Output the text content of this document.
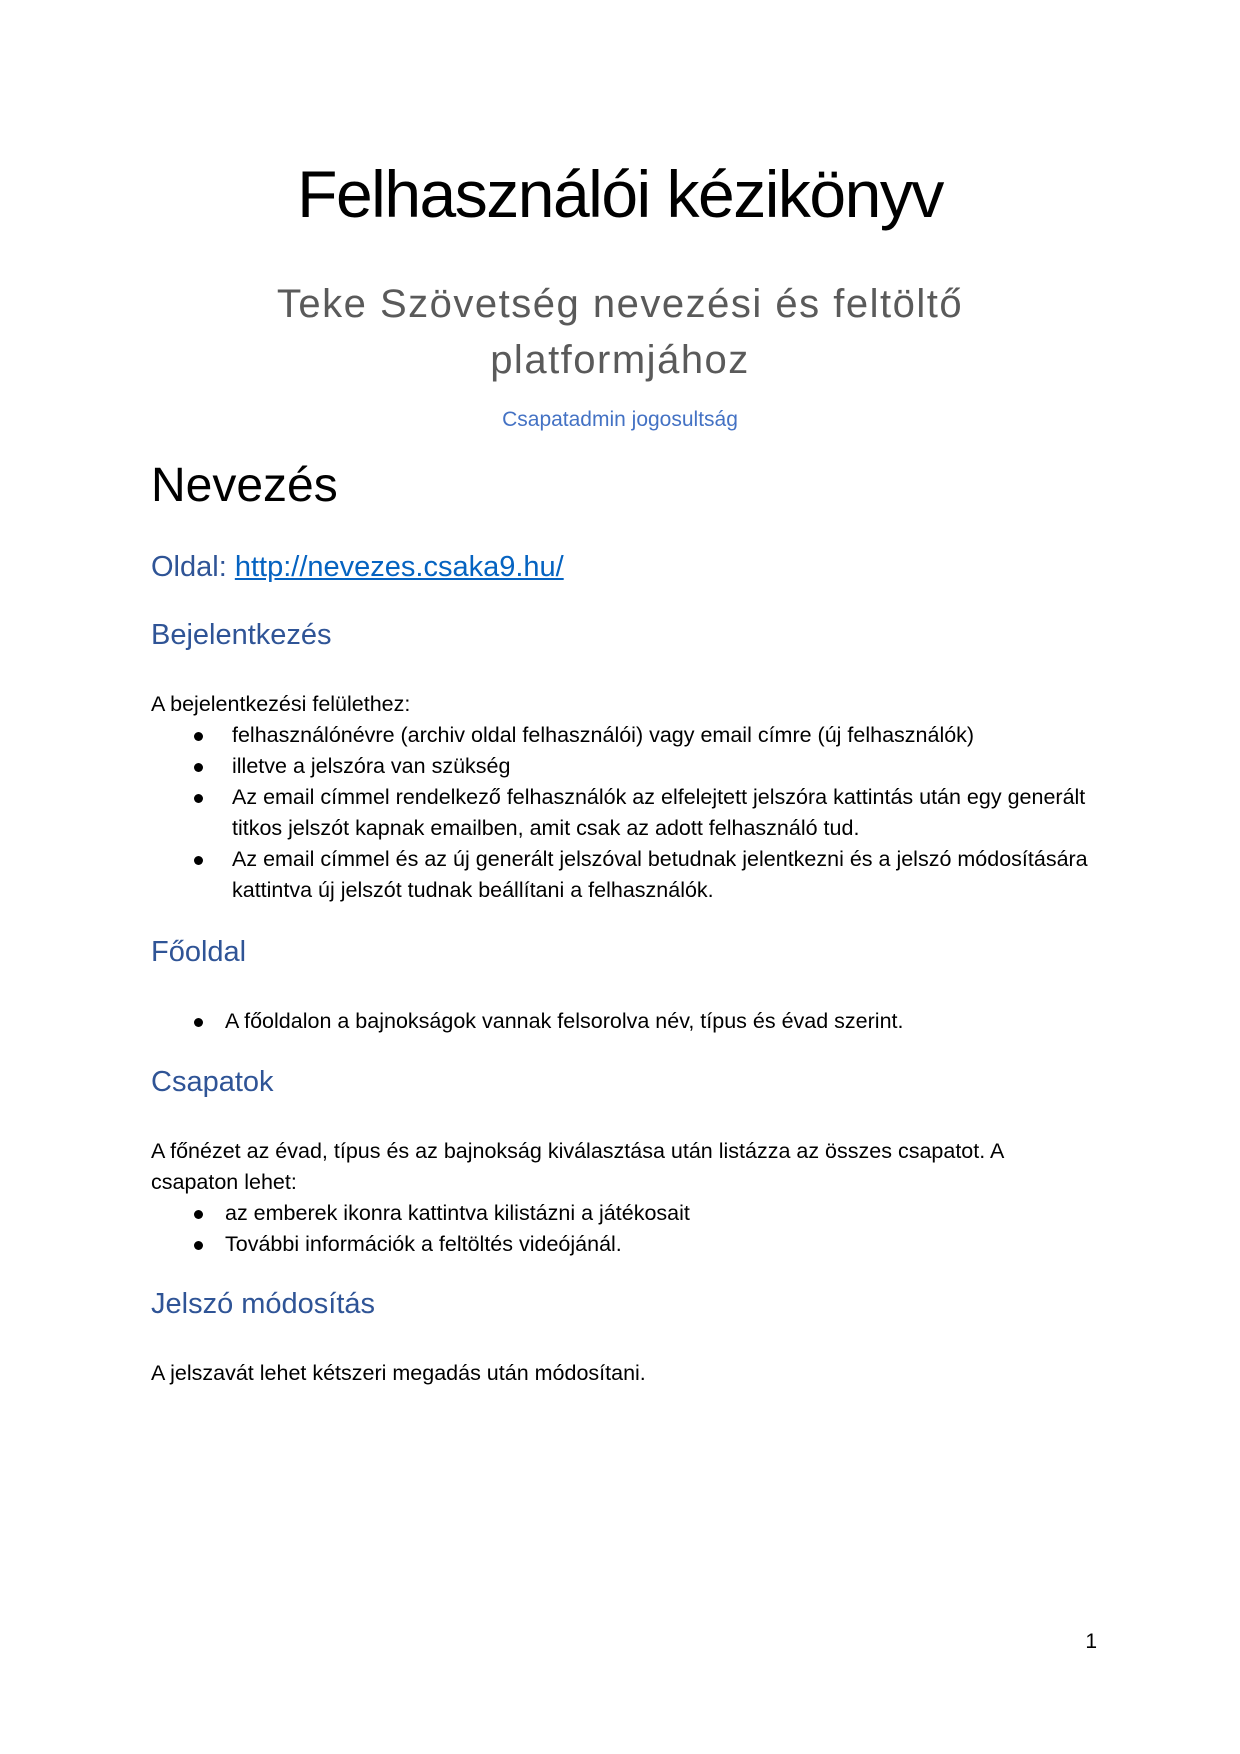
Felhasználói kézikönyv
Teke Szövetség nevezési és feltöltő platformjához
Csapatadmin jogosultság
Nevezés
Oldal: http://nevezes.csaka9.hu/
Bejelentkezés
A bejelentkezési felülethez:
felhasználónévre (archiv oldal felhasználói) vagy email címre (új felhasználók)
illetve a jelszóra van szükség
Az email címmel rendelkező felhasználók az elfelejtett jelszóra kattintás után egy generált titkos jelszót kapnak emailben, amit csak az adott felhasználó tud.
Az email címmel és az új generált jelszóval betudnak jelentkezni és a jelszó módosítására kattintva új jelszót tudnak beállítani a felhasználók.
Főoldal
A főoldalon a bajnokságok vannak felsorolva név, típus és évad szerint.
Csapatok
A főnézet az évad, típus és az bajnokság kiválasztása után listázza az összes csapatot. A csapaton lehet:
az emberek ikonra kattintva kilistázni a játékosait
További információk a feltöltés videójánál.
Jelszó módosítás
A jelszavát lehet kétszeri megadás után módosítani.
1
